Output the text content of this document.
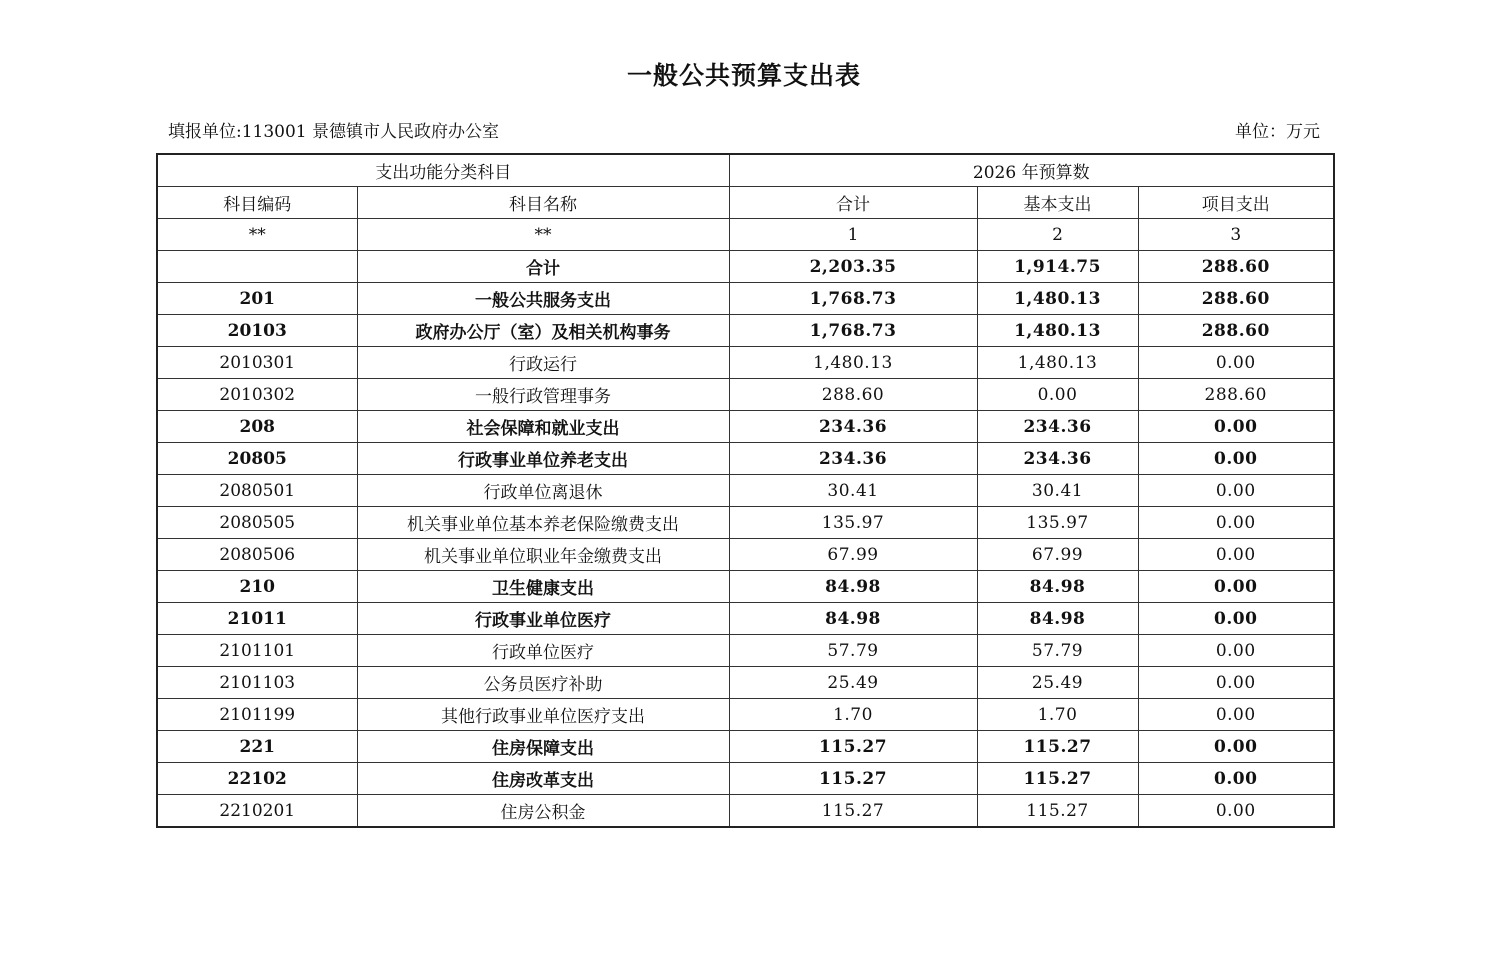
一般公共预算支出表
填报单位:113001 景德镇市人民政府办公室	单位：万元
支出功能分类科目		2026 年预算数		
科目编码	科目名称	合计	基本支出	项目支出
**	**	1	2	3
	合计	2,203.35	1,914.75	288.60
201	一般公共服务支出	1,768.73	1,480.13	288.60
20103	政府办公厅（室）及相关机构事务	1,768.73	1,480.13	288.60
2010301	行政运行	1,480.13	1,480.13	0.00
2010302	一般行政管理事务	288.60	0.00	288.60
208	社会保障和就业支出	234.36	234.36	0.00
20805	行政事业单位养老支出	234.36	234.36	0.00
2080501	行政单位离退休	30.41	30.41	0.00
2080505	机关事业单位基本养老保险缴费支出	135.97	135.97	0.00
2080506	机关事业单位职业年金缴费支出	67.99	67.99	0.00
210	卫生健康支出	84.98	84.98	0.00
21011	行政事业单位医疗	84.98	84.98	0.00
2101101	行政单位医疗	57.79	57.79	0.00
2101103	公务员医疗补助	25.49	25.49	0.00
2101199	其他行政事业单位医疗支出	1.70	1.70	0.00
221	住房保障支出	115.27	115.27	0.00
22102	住房改革支出	115.27	115.27	0.00
2210201	住房公积金	115.27	115.27	0.00
